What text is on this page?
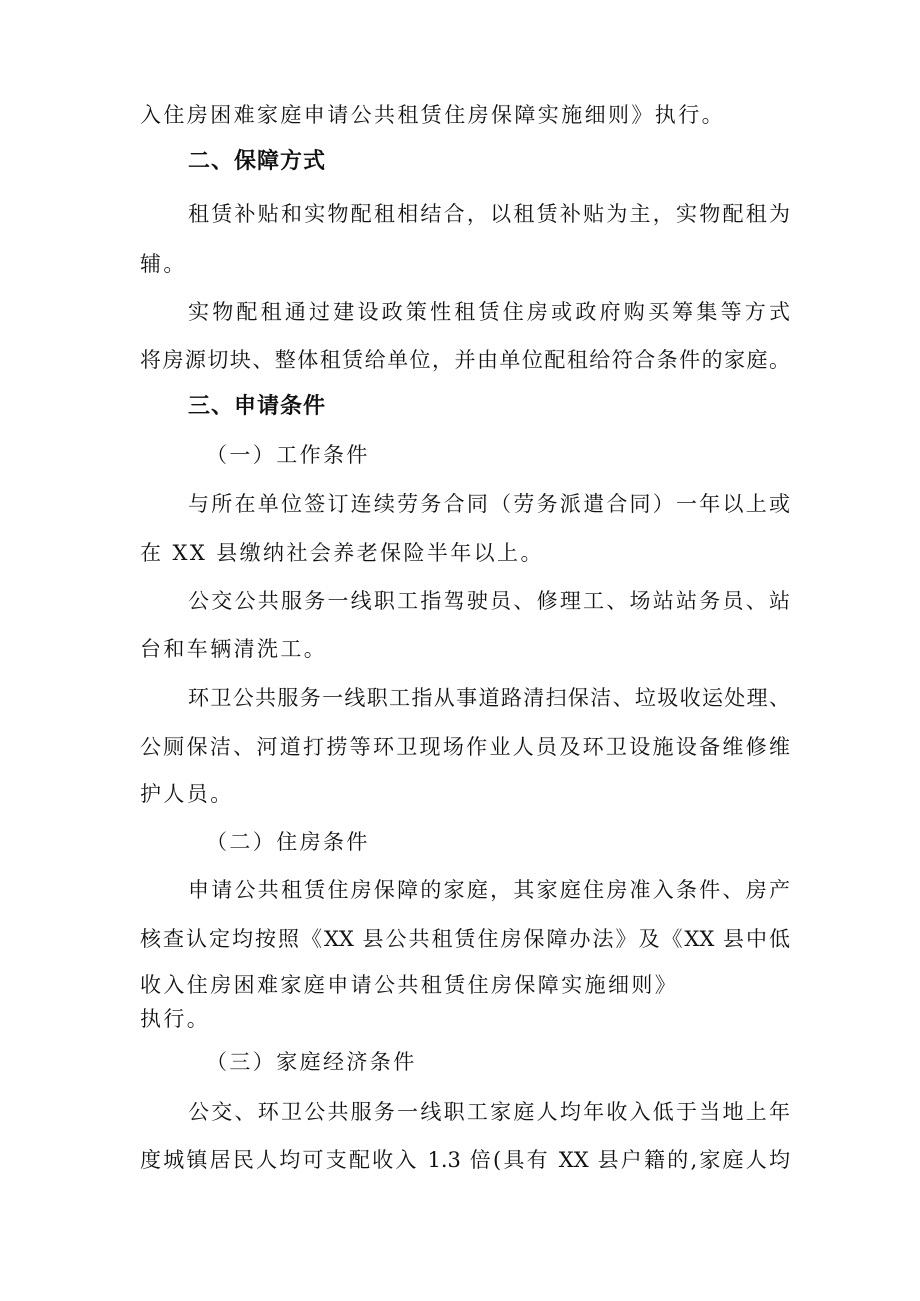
入住房困难家庭申请公共租赁住房保障实施细则》执行。
二、保障方式
租赁补贴和实物配租相结合，以租赁补贴为主，实物配租为
辅。
实物配租通过建设政策性租赁住房或政府购买筹集等方式
将房源切块、整体租赁给单位，并由单位配租给符合条件的家庭。
三、申请条件
（一）工作条件
与所在单位签订连续劳务合同（劳务派遣合同）一年以上或
在 XX 县缴纳社会养老保险半年以上。
公交公共服务一线职工指驾驶员、修理工、场站站务员、站
台和车辆清洗工。
环卫公共服务一线职工指从事道路清扫保洁、垃圾收运处理、
公厕保洁、河道打捞等环卫现场作业人员及环卫设施设备维修维
护人员。
（二）住房条件
申请公共租赁住房保障的家庭，其家庭住房准入条件、房产
核查认定均按照《XX 县公共租赁住房保障办法》及《XX 县中低
收入住房困难家庭申请公共租赁住房保障实施细则》
执行。
（三）家庭经济条件
公交、环卫公共服务一线职工家庭人均年收入低于当地上年
度城镇居民人均可支配收入 1.3 倍(具有 XX 县户籍的,家庭人均
